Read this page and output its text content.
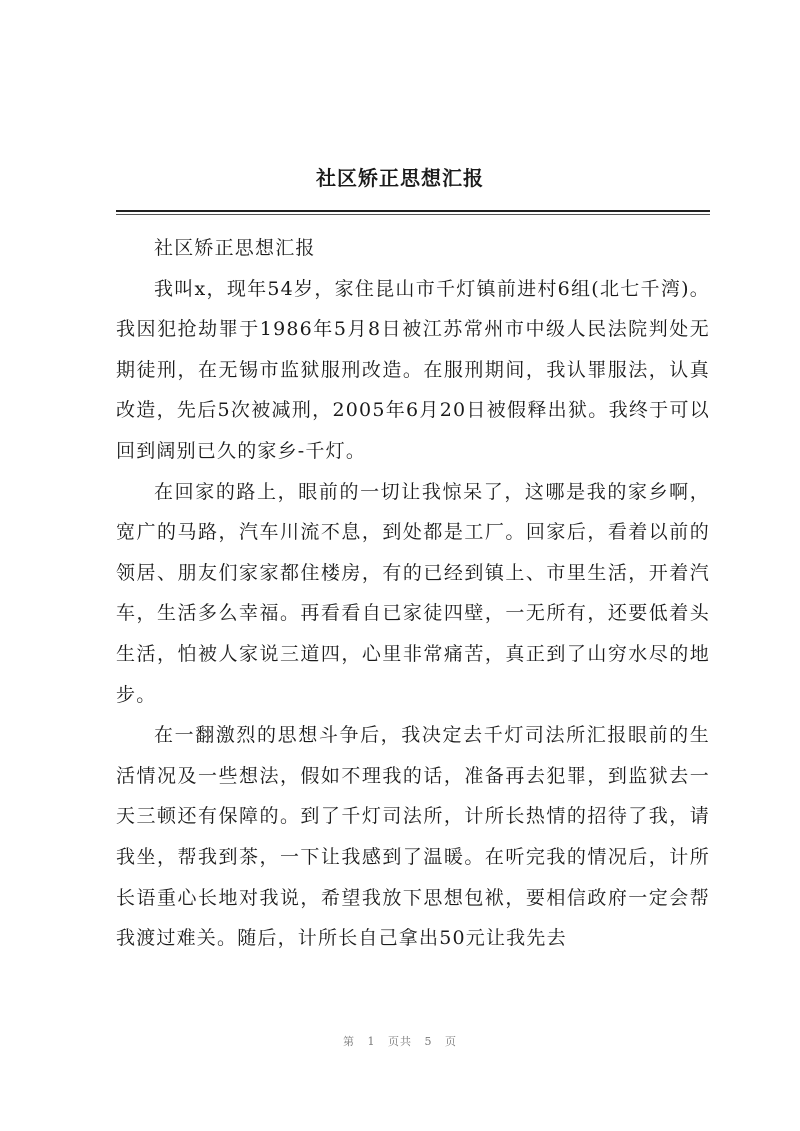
社区矫正思想汇报

社区矫正思想汇报

我叫x，现年54岁，家住昆山市千灯镇前进村6组(北七千湾)。我因犯抢劫罪于1986年5月8日被江苏常州市中级人民法院判处无期徒刑，在无锡市监狱服刑改造。在服刑期间，我认罪服法，认真改造，先后5次被减刑，2005年6月20日被假释出狱。我终于可以回到阔别已久的家乡-千灯。

在回家的路上，眼前的一切让我惊呆了，这哪是我的家乡啊，宽广的马路，汽车川流不息，到处都是工厂。回家后，看着以前的领居、朋友们家家都住楼房，有的已经到镇上、市里生活，开着汽车，生活多么幸福。再看看自已家徒四壁，一无所有，还要低着头生活，怕被人家说三道四，心里非常痛苦，真正到了山穷水尽的地步。

在一翻激烈的思想斗争后，我决定去千灯司法所汇报眼前的生活情况及一些想法，假如不理我的话，准备再去犯罪，到监狱去一天三顿还有保障的。到了千灯司法所，计所长热情的招待了我，请我坐，帮我到茶，一下让我感到了温暖。在听完我的情况后，计所长语重心长地对我说，希望我放下思想包袱，要相信政府一定会帮我渡过难关。随后，计所长自己拿出50元让我先去

第 1 页共 5 页
